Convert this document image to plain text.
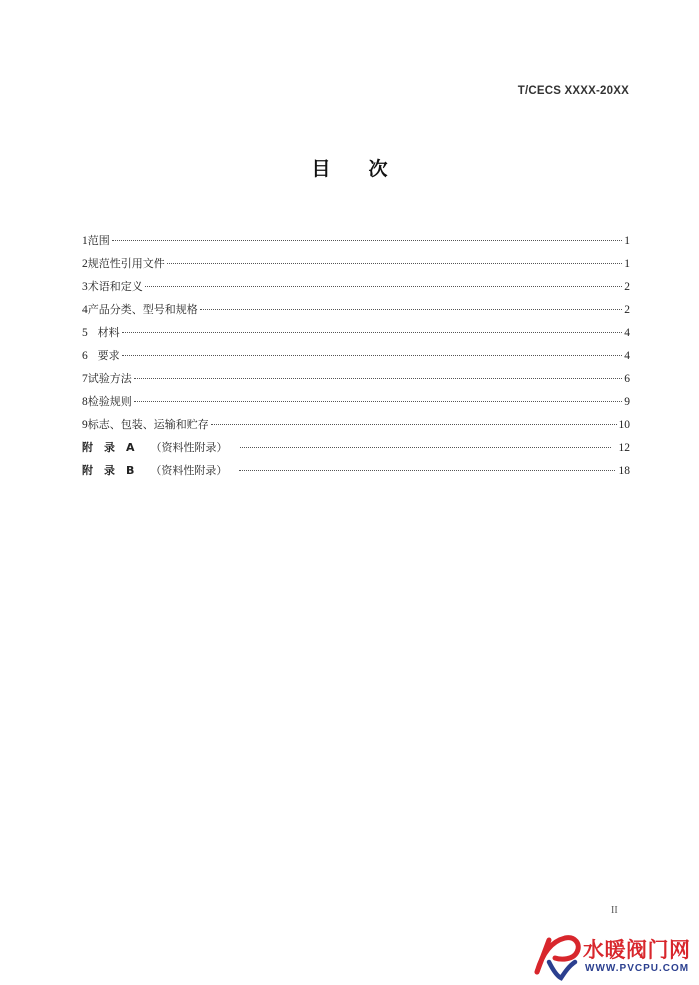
T/CECS XXXX-20XX
目　　次
1 范围	1
2 规范性引用文件	1
3 术语和定义	2
4 产品分类、型号和规格	2
5 材料	4
6 要求	4
7 试验方法	6
8 检验规则	9
9 标志、包装、运输和贮存	10
附　录　A （资料性附录）	12
附　录　B （资料性附录）	18
II
水暖阀门网
WWW.PVCPU.COM
